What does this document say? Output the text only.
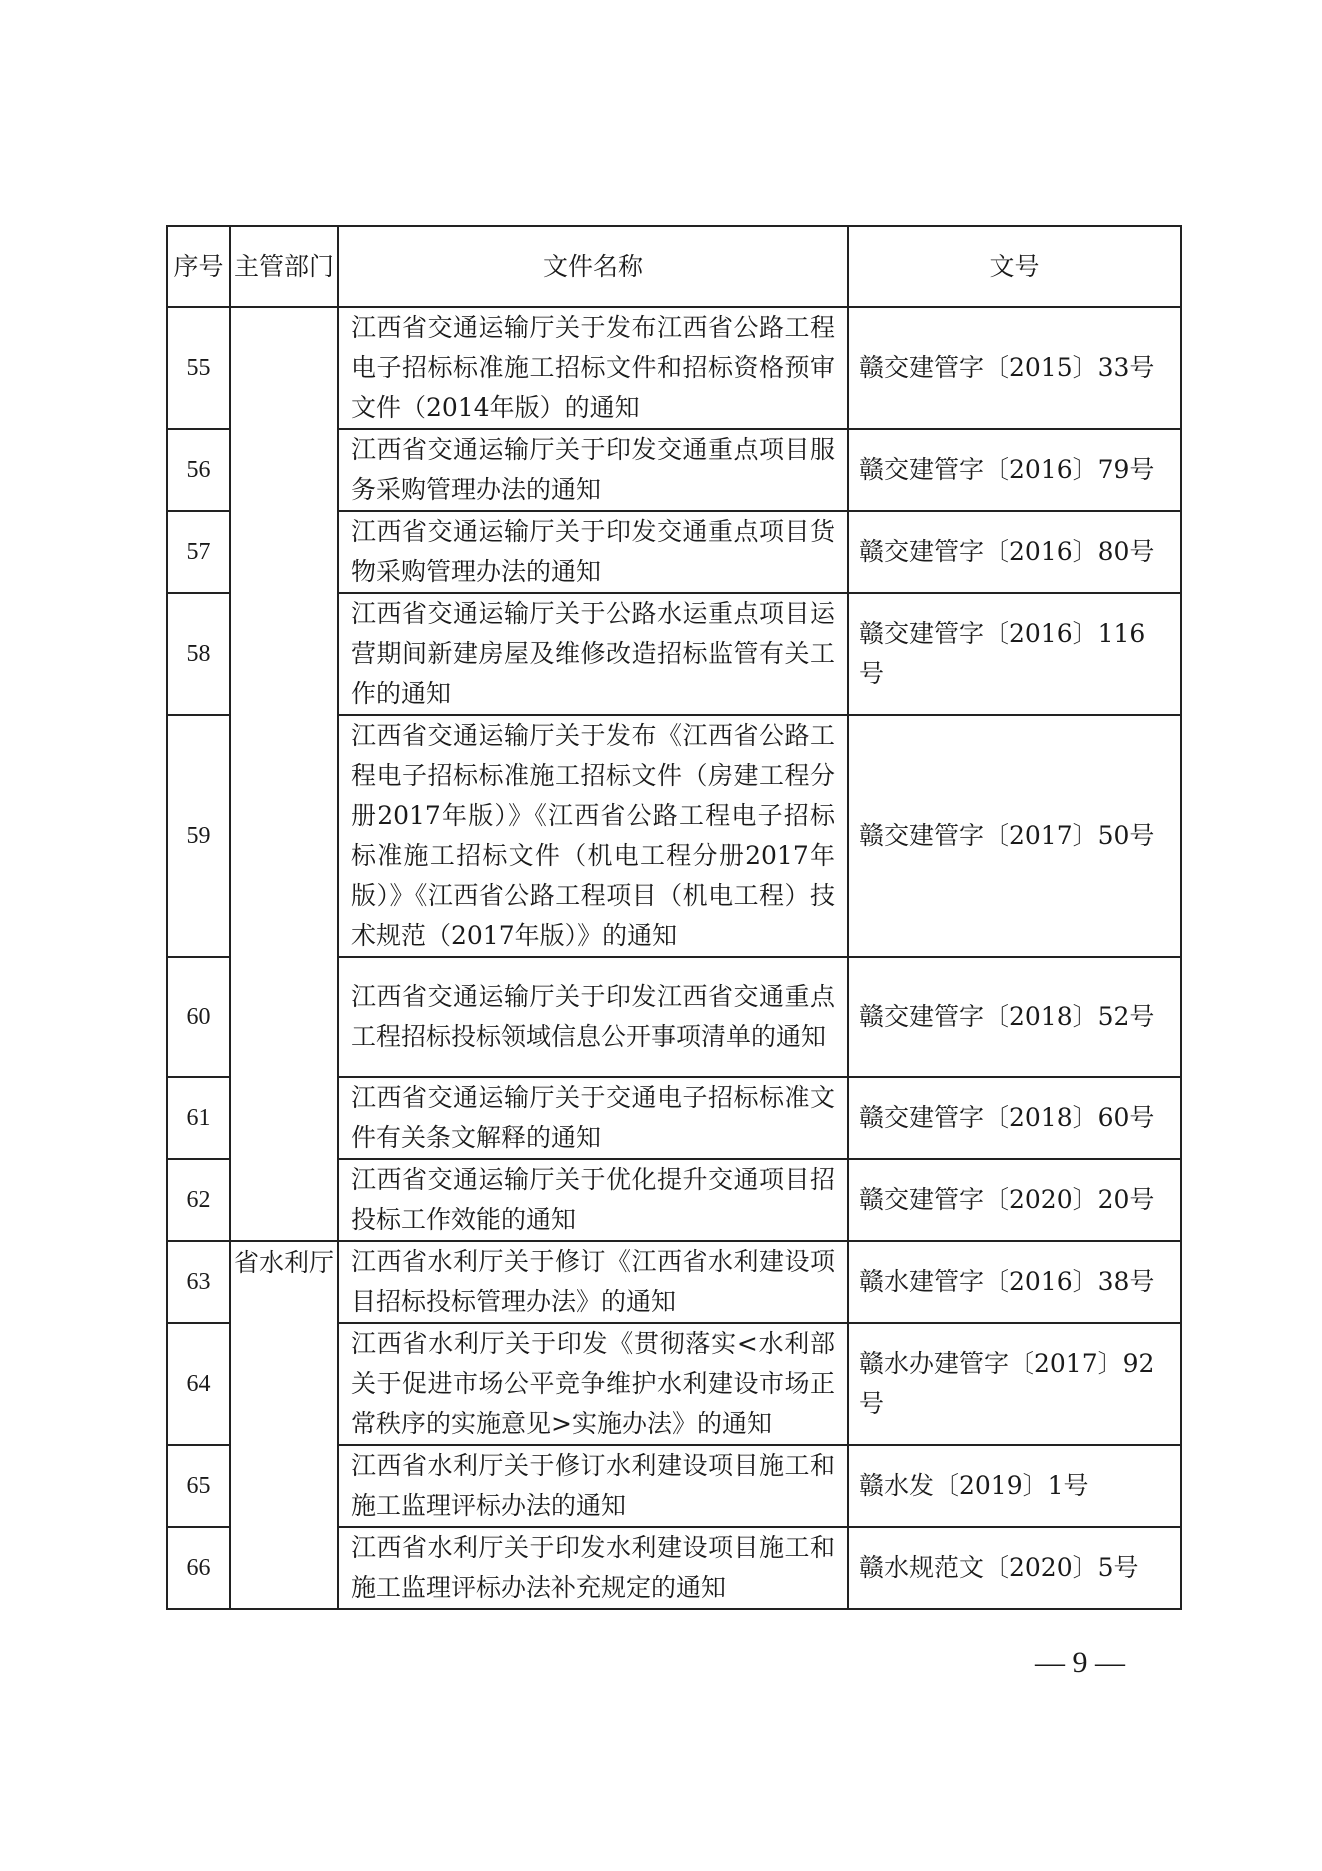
序号	主管部门	文件名称	文号
55		江西省交通运输厅关于发布江西省公路工程电子招标标准施工招标文件和招标资格预审文件（2014年版）的通知	赣交建管字〔2015〕33号
56		江西省交通运输厅关于印发交通重点项目服务采购管理办法的通知	赣交建管字〔2016〕79号
57		江西省交通运输厅关于印发交通重点项目货物采购管理办法的通知	赣交建管字〔2016〕80号
58		江西省交通运输厅关于公路水运重点项目运营期间新建房屋及维修改造招标监管有关工作的通知	赣交建管字〔2016〕116号
59		江西省交通运输厅关于发布《江西省公路工程电子招标标准施工招标文件（房建工程分册2017年版）》《江西省公路工程电子招标标准施工招标文件（机电工程分册2017年版）》《江西省公路工程项目（机电工程）技术规范（2017年版）》的通知	赣交建管字〔2017〕50号
60		江西省交通运输厅关于印发江西省交通重点工程招标投标领域信息公开事项清单的通知	赣交建管字〔2018〕52号
61		江西省交通运输厅关于交通电子招标标准文件有关条文解释的通知	赣交建管字〔2018〕60号
62		江西省交通运输厅关于优化提升交通项目招投标工作效能的通知	赣交建管字〔2020〕20号
63	省水利厅	江西省水利厅关于修订《江西省水利建设项目招标投标管理办法》的通知	赣水建管字〔2016〕38号
64		江西省水利厅关于印发《贯彻落实<水利部关于促进市场公平竞争维护水利建设市场正常秩序的实施意见>实施办法》的通知	赣水办建管字〔2017〕92号
65		江西省水利厅关于修订水利建设项目施工和施工监理评标办法的通知	赣水发〔2019〕1号
66		江西省水利厅关于印发水利建设项目施工和施工监理评标办法补充规定的通知	赣水规范文〔2020〕5号
— 9 —
